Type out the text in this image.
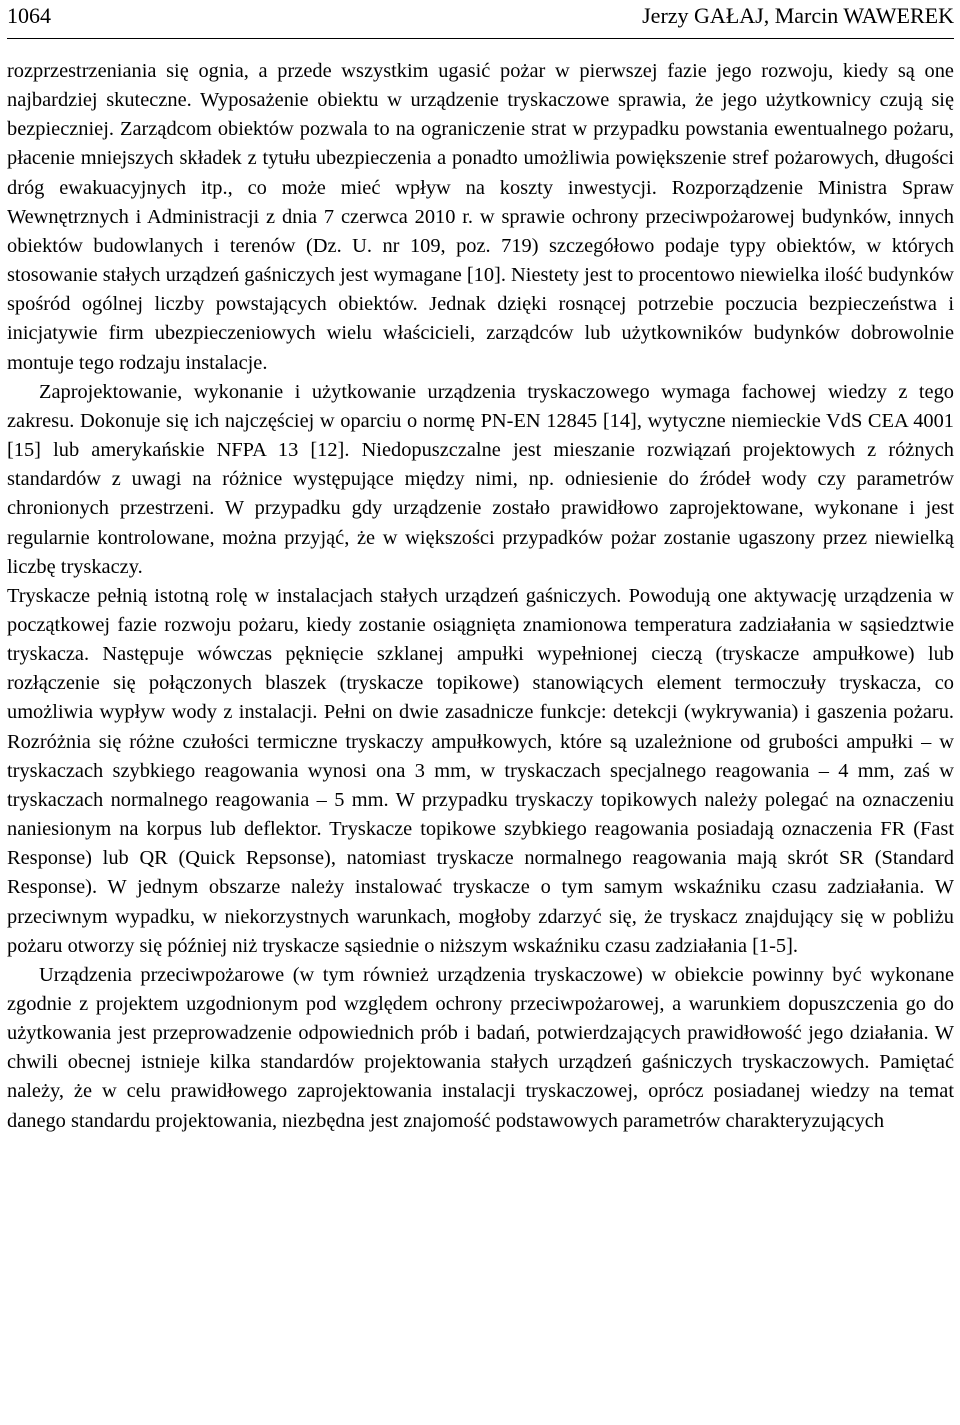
1064	Jerzy GAŁAJ, Marcin WAWEREK

rozprzestrzeniania się ognia, a przede wszystkim ugasić pożar w pierwszej fazie jego rozwoju, kiedy są one najbardziej skuteczne. Wyposażenie obiektu w urządzenie tryskaczowe sprawia, że jego użytkownicy czują się bezpieczniej. Zarządcom obiektów pozwala to na ograniczenie strat w przypadku powstania ewentualnego pożaru, płacenie mniejszych składek z tytułu ubezpieczenia a ponadto umożliwia powiększenie stref pożarowych, długości dróg ewakuacyjnych itp., co może mieć wpływ na koszty inwestycji. Rozporządzenie Ministra Spraw Wewnętrznych i Administracji z dnia 7 czerwca 2010 r. w sprawie ochrony przeciwpożarowej budynków, innych obiektów budowlanych i terenów (Dz. U. nr 109, poz. 719) szczegółowo podaje typy obiektów, w których stosowanie stałych urządzeń gaśniczych jest wymagane [10]. Niestety jest to procentowo niewielka ilość budynków spośród ogólnej liczby powstających obiektów. Jednak dzięki rosnącej potrzebie poczucia bezpieczeństwa i inicjatywie firm ubezpieczeniowych wielu właścicieli, zarządców lub użytkowników budynków dobrowolnie montuje tego rodzaju instalacje.

Zaprojektowanie, wykonanie i użytkowanie urządzenia tryskaczowego wymaga fachowej wiedzy z tego zakresu. Dokonuje się ich najczęściej w oparciu o normę PN-EN 12845 [14], wytyczne niemieckie VdS CEA 4001 [15] lub amerykańskie NFPA 13 [12]. Niedopuszczalne jest mieszanie rozwiązań projektowych z różnych standardów z uwagi na różnice występujące między nimi, np. odniesienie do źródeł wody czy parametrów chronionych przestrzeni. W przypadku gdy urządzenie zostało prawidłowo zaprojektowane, wykonane i jest regularnie kontrolowane, można przyjąć, że w większości przypadków pożar zostanie ugaszony przez niewielką liczbę tryskaczy.

Tryskacze pełnią istotną rolę w instalacjach stałych urządzeń gaśniczych. Powodują one aktywację urządzenia w początkowej fazie rozwoju pożaru, kiedy zostanie osiągnięta znamionowa temperatura zadziałania w sąsiedztwie tryskacza. Następuje wówczas pęknięcie szklanej ampułki wypełnionej cieczą (tryskacze ampułkowe) lub rozłączenie się połączonych blaszek (tryskacze topikowe) stanowiących element termoczuły tryskacza, co umożliwia wypływ wody z instalacji. Pełni on dwie zasadnicze funkcje: detekcji (wykrywania) i gaszenia pożaru. Rozróżnia się różne czułości termiczne tryskaczy ampułkowych, które są uzależnione od grubości ampułki – w tryskaczach szybkiego reagowania wynosi ona 3 mm, w tryskaczach specjalnego reagowania – 4 mm, zaś w tryskaczach normalnego reagowania – 5 mm. W przypadku tryskaczy topikowych należy polegać na oznaczeniu naniesionym na korpus lub deflektor. Tryskacze topikowe szybkiego reagowania posiadają oznaczenia FR (Fast Response) lub QR (Quick Repsonse), natomiast tryskacze normalnego reagowania mają skrót SR (Standard Response). W jednym obszarze należy instalować tryskacze o tym samym wskaźniku czasu zadziałania. W przeciwnym wypadku, w niekorzystnych warunkach, mogłoby zdarzyć się, że tryskacz znajdujący się w pobliżu pożaru otworzy się później niż tryskacze sąsiednie o niższym wskaźniku czasu zadziałania [1-5].

Urządzenia przeciwpożarowe (w tym również urządzenia tryskaczowe) w obiekcie powinny być wykonane zgodnie z projektem uzgodnionym pod względem ochrony przeciwpożarowej, a warunkiem dopuszczenia go do użytkowania jest przeprowadzenie odpowiednich prób i badań, potwierdzających prawidłowość jego działania. W chwili obecnej istnieje kilka standardów projektowania stałych urządzeń gaśniczych tryskaczowych. Pamiętać należy, że w celu prawidłowego zaprojektowania instalacji tryskaczowej, oprócz posiadanej wiedzy na temat danego standardu projektowania, niezbędna jest znajomość podstawowych parametrów charakteryzujących
